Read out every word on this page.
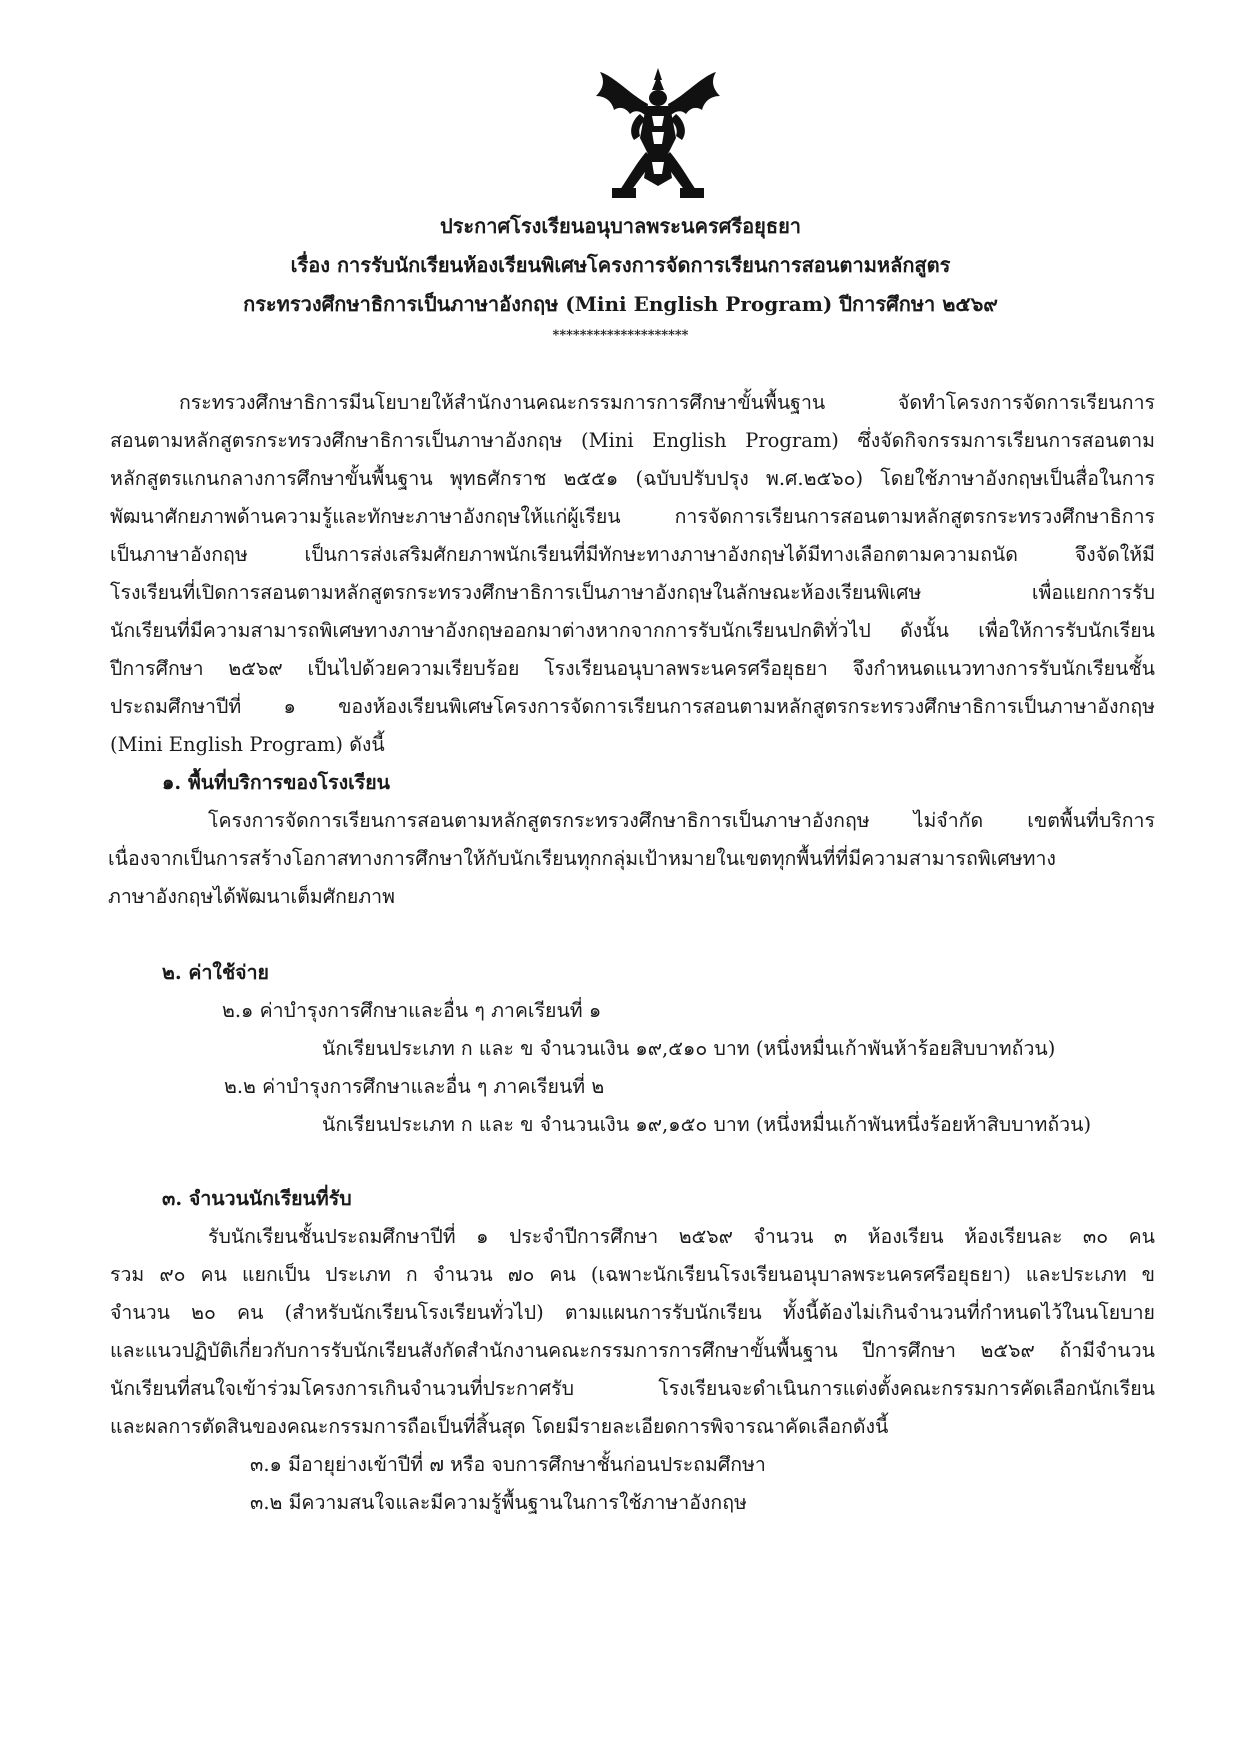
ประกาศโรงเรียนอนุบาลพระนครศรีอยุธยา
เรื่อง การรับนักเรียนห้องเรียนพิเศษโครงการจัดการเรียนการสอนตามหลักสูตร
กระทรวงศึกษาธิการเป็นภาษาอังกฤษ (Mini English Program) ปีการศึกษา ๒๕๖๙
********************
กระทรวงศึกษาธิการมีนโยบายให้สำนักงานคณะกรรมการการศึกษาขั้นพื้นฐาน จัดทำโครงการจัดการเรียนการ
สอนตามหลักสูตรกระทรวงศึกษาธิการเป็นภาษาอังกฤษ (Mini English Program) ซึ่งจัดกิจกรรมการเรียนการสอนตาม
หลักสูตรแกนกลางการศึกษาขั้นพื้นฐาน พุทธศักราช ๒๕๕๑ (ฉบับปรับปรุง พ.ศ.๒๕๖๐) โดยใช้ภาษาอังกฤษเป็นสื่อในการ
พัฒนาศักยภาพด้านความรู้และทักษะภาษาอังกฤษให้แก่ผู้เรียน การจัดการเรียนการสอนตามหลักสูตรกระทรวงศึกษาธิการ
เป็นภาษาอังกฤษ เป็นการส่งเสริมศักยภาพนักเรียนที่มีทักษะทางภาษาอังกฤษได้มีทางเลือกตามความถนัด จึงจัดให้มี
โรงเรียนที่เปิดการสอนตามหลักสูตรกระทรวงศึกษาธิการเป็นภาษาอังกฤษในลักษณะห้องเรียนพิเศษ เพื่อแยกการรับ
นักเรียนที่มีความสามารถพิเศษทางภาษาอังกฤษออกมาต่างหากจากการรับนักเรียนปกติทั่วไป ดังนั้น เพื่อให้การรับนักเรียน
ปีการศึกษา ๒๕๖๙ เป็นไปด้วยความเรียบร้อย โรงเรียนอนุบาลพระนครศรีอยุธยา จึงกำหนดแนวทางการรับนักเรียนชั้น
ประถมศึกษาปีที่ ๑ ของห้องเรียนพิเศษโครงการจัดการเรียนการสอนตามหลักสูตรกระทรวงศึกษาธิการเป็นภาษาอังกฤษ
(Mini English Program) ดังนี้
๑. พื้นที่บริการของโรงเรียน
โครงการจัดการเรียนการสอนตามหลักสูตรกระทรวงศึกษาธิการเป็นภาษาอังกฤษ ไม่จำกัด เขตพื้นที่บริการ
เนื่องจากเป็นการสร้างโอกาสทางการศึกษาให้กับนักเรียนทุกกลุ่มเป้าหมายในเขตทุกพื้นที่ที่มีความสามารถพิเศษทาง
ภาษาอังกฤษได้พัฒนาเต็มศักยภาพ
๒. ค่าใช้จ่าย
๒.๑ ค่าบำรุงการศึกษาและอื่น ๆ ภาคเรียนที่ ๑
นักเรียนประเภท ก และ ข จำนวนเงิน ๑๙,๕๑๐ บาท (หนึ่งหมื่นเก้าพันห้าร้อยสิบบาทถ้วน)
๒.๒ ค่าบำรุงการศึกษาและอื่น ๆ ภาคเรียนที่ ๒
นักเรียนประเภท ก และ ข จำนวนเงิน ๑๙,๑๕๐ บาท (หนึ่งหมื่นเก้าพันหนึ่งร้อยห้าสิบบาทถ้วน)
๓. จำนวนนักเรียนที่รับ
รับนักเรียนชั้นประถมศึกษาปีที่ ๑ ประจำปีการศึกษา ๒๕๖๙ จำนวน ๓ ห้องเรียน ห้องเรียนละ ๓๐ คน
รวม ๙๐ คน แยกเป็น ประเภท ก จำนวน ๗๐ คน (เฉพาะนักเรียนโรงเรียนอนุบาลพระนครศรีอยุธยา) และประเภท ข
จำนวน ๒๐ คน (สำหรับนักเรียนโรงเรียนทั่วไป) ตามแผนการรับนักเรียน ทั้งนี้ต้องไม่เกินจำนวนที่กำหนดไว้ในนโยบาย
และแนวปฏิบัติเกี่ยวกับการรับนักเรียนสังกัดสำนักงานคณะกรรมการการศึกษาขั้นพื้นฐาน ปีการศึกษา ๒๕๖๙ ถ้ามีจำนวน
นักเรียนที่สนใจเข้าร่วมโครงการเกินจำนวนที่ประกาศรับ โรงเรียนจะดำเนินการแต่งตั้งคณะกรรมการคัดเลือกนักเรียน
และผลการตัดสินของคณะกรรมการถือเป็นที่สิ้นสุด โดยมีรายละเอียดการพิจารณาคัดเลือกดังนี้
๓.๑ มีอายุย่างเข้าปีที่ ๗ หรือ จบการศึกษาชั้นก่อนประถมศึกษา
๓.๒ มีความสนใจและมีความรู้พื้นฐานในการใช้ภาษาอังกฤษ
